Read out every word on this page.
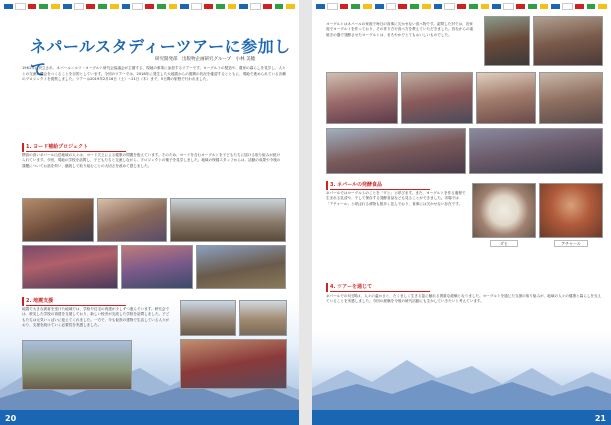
ネパールスタディーツアーに参加して
研究開発部　出版物企画研究グループ　小林 美穂
1961年に設立され、ネパール＝ルワ・ヨーグルト研究会協議会が主催する、現地の事業に参加するツアーです。ヨーグルトの製造や、農家の暮らしを見学し、人々との交流の機会をつくることを目的としています。今回のツアーでは、2016年に発生した大地震からの復興の状況を確認するとともに、現地で進められている各種のプロジェクトを視察しました。ツアーは2019年2月16日（土）～21日（木）まで、5日間の旅程で行われました。
1. ヨード補給プロジェクト
標高の高いネパール山岳地域の人々は、ヨード欠乏による健康の問題を抱えています。そのため、ヨードを含むヨーグルトを子どもたちに届ける取り組みが続けられています。今回、現地の学校を訪問し、子どもたちと交流しながら、プロジェクトの様子を見学しました。地域の保健スタッフからは、活動の成果や今後の課題についてお話を伺い、継続して取り組むことの大切さを改めて感じました。
2. 地震支援
地震で大きな被害を受けた地域では、学校や住宅の再建が少しずつ進んでいます。研究会では、被災した学校の再建を支援しており、新しい校舎が完成した学校を訪問しました。子どもたちは元気いっぱいに迎えてくれました。一方で、今も仮設の建物で生活している人々がおり、支援を続けていく必要性を実感しました。
20
ヨーグルトはネパールの家庭で毎日の食事に欠かせない食べ物です。訪問した村では、各家庭でヨーグルトを作っており、その作り方や食べ方を教えていただきました。昔ながらの素焼きの器で発酵させたヨーグルトは、まろやかでとてもおいしいものでした。
3. ネパールの発酵食品
ネパールではヨーグルトのことを「ダヒ」と呼びます。また、ヨーグルトを作る過程で生まれる乳清や、干して保存する発酵食品なども見ることができました。市場では「アチャール」と呼ばれる漬物も数多く並んでおり、食事には欠かせない存在です。
ダヒ	アチャール
4. ツアーを通じて
ネパールでの5日間は、人々の温かさと、たくましく生きる姿に触れる貴重な経験となりました。ヨーグルトを通じた支援の取り組みが、地域の人々の健康と暮らしを支えていることを実感しました。今回の経験を今後の研究活動にも生かしていきたいと考えています。
21
